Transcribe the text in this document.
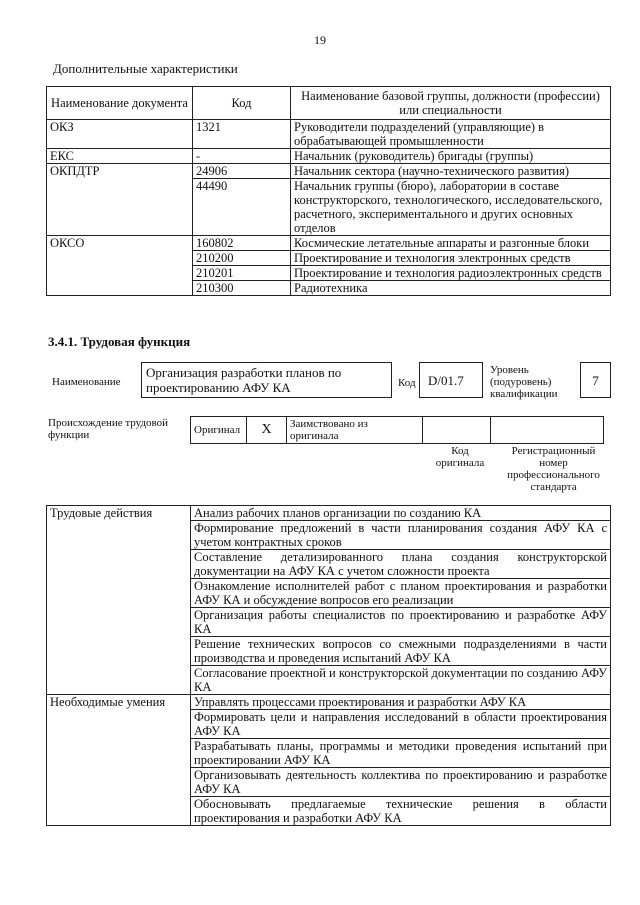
19
Дополнительные характеристики
Наименование документа	Код	Наименование базовой группы, должности (профессии) или специальности
ОКЗ	1321	Руководители подразделений (управляющие) в обрабатывающей промышленности
ЕКС	-	Начальник (руководитель) бригады (группы)
ОКПДТР	24906	Начальник сектора (научно-технического развития)
	44490	Начальник группы (бюро), лаборатории в составе конструкторского, технологического, исследовательского, расчетного, экспериментального и других основных отделов
ОКСО	160802	Космические летательные аппараты и разгонные блоки
	210200	Проектирование и технология электронных средств
	210201	Проектирование и технология радиоэлектронных средств
	210300	Радиотехника
3.4.1. Трудовая функция
Наименование
Организация разработки планов по проектированию АФУ КА	Код D/01.7
Уровень (подуровень) квалификации
7
Происхождение трудовой функции	Оригинал	X	Заимствовано из оригинала		
Код оригинала
Регистрационный номер профессионального стандарта
Трудовые действия	Анализ рабочих планов организации по созданию КА
	Формирование предложений в части планирования создания АФУ КА с учетом контрактных сроков
	Составление детализированного плана создания конструкторской документации на АФУ КА с учетом сложности проекта
	Ознакомление исполнителей работ с планом проектирования и разработки АФУ КА и обсуждение вопросов его реализации
	Организация работы специалистов по проектированию и разработке АФУ КА
	Решение технических вопросов со смежными подразделениями в части производства и проведения испытаний АФУ КА
	Согласование проектной и конструкторской документации по созданию АФУ КА
Необходимые умения	Управлять процессами проектирования и разработки АФУ КА
	Формировать цели и направления исследований в области проектирования АФУ КА
	Разрабатывать планы, программы и методики проведения испытаний при проектировании АФУ КА
	Организовывать деятельность коллектива по проектированию и разработке АФУ КА
	Обосновывать предлагаемые технические решения в области проектирования и разработки АФУ КА
